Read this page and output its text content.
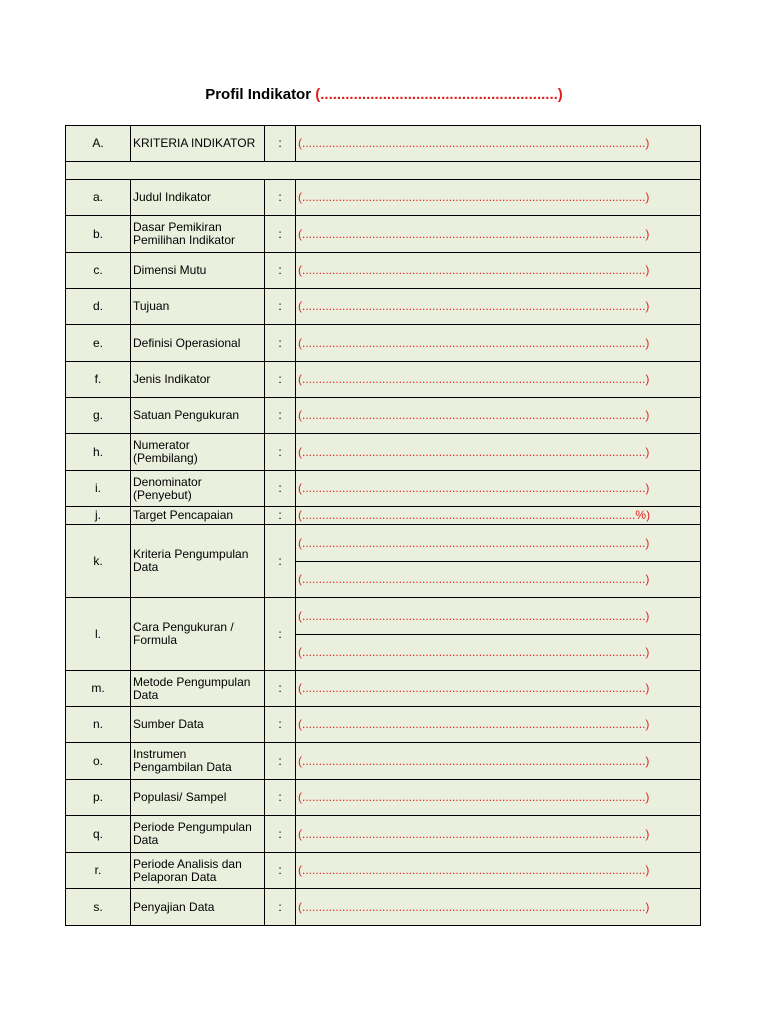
Profil Indikator (.........................................................)
A.	KRITERIA INDIKATOR	:	(.......................................................................................................)

a.	Judul Indikator	:	(.......................................................................................................)
b.	Dasar Pemikiran
Pemilihan Indikator	:	(.......................................................................................................)
c.	Dimensi Mutu	:	(.......................................................................................................)
d.	Tujuan	:	(.......................................................................................................)
e.	Definisi Operasional	:	(.......................................................................................................)
f.	Jenis Indikator	:	(.......................................................................................................)
g.	Satuan Pengukuran	:	(.......................................................................................................)
h.	Numerator
(Pembilang)	:	(.......................................................................................................)
i.	Denominator
(Penyebut)	:	(.......................................................................................................)
j.	Target Pencapaian	:	(....................................................................................................%)
k.	Kriteria Pengumpulan
Data	:	(.......................................................................................................)
			(.......................................................................................................)
l.	Cara Pengukuran /
Formula	:	(.......................................................................................................)
			(.......................................................................................................)
m.	Metode Pengumpulan
Data	:	(.......................................................................................................)
n.	Sumber Data	:	(.......................................................................................................)
o.	Instrumen
Pengambilan Data	:	(.......................................................................................................)
p.	Populasi/ Sampel	:	(.......................................................................................................)
q.	Periode Pengumpulan
Data	:	(.......................................................................................................)
r.	Periode Analisis dan
Pelaporan Data	:	(.......................................................................................................)
s.	Penyajian Data	:	(.......................................................................................................)
